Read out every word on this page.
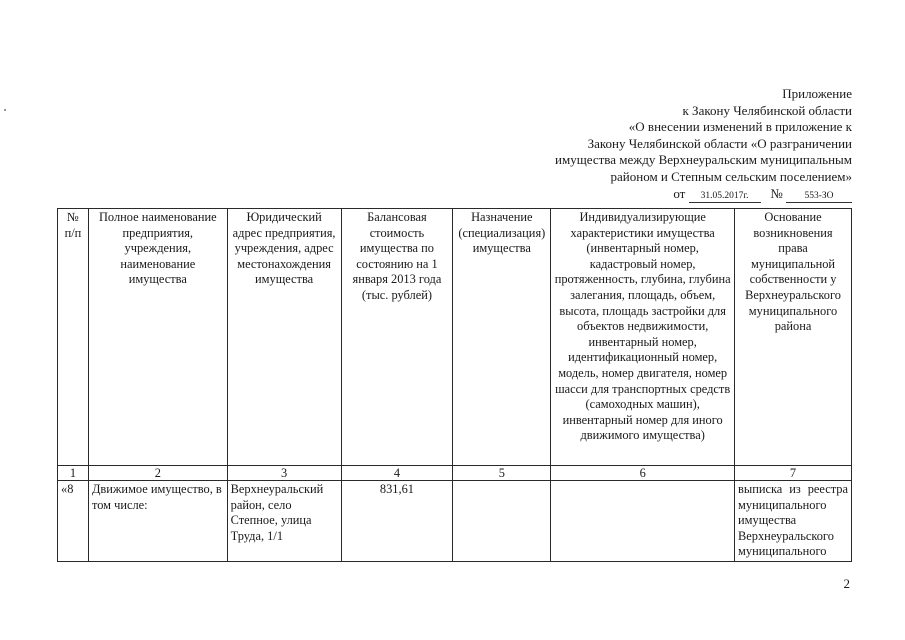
Приложение
к Закону Челябинской области
«О внесении изменений в приложение к
Закону Челябинской области «О разграничении
имущества между Верхнеуральским муниципальным
районом и Степным сельским поселением»
от 31.05.2017г. № 553-ЗО
№ п/п	Полное наименование предприятия, учреждения, наименование имущества	Юридический адрес предприятия, учреждения, адрес местонахождения имущества	Балансовая стоимость имущества по состоянию на 1 января 2013 года (тыс. рублей)	Назначение (специализация) имущества	Индивидуализирующие характеристики имущества (инвентарный номер, кадастровый номер, протяженность, глубина, глубина залегания, площадь, объем, высота, площадь застройки для объектов недвижимости, инвентарный номер, идентификационный номер, модель, номер двигателя, номер шасси для транспортных средств (самоходных машин), инвентарный номер для иного движимого имущества)	Основание возникновения права муниципальной собственности у Верхнеуральского муниципального района
1	2	3	4	5	6	7
«8	Движимое имущество, в том числе:	Верхнеуральский район, село Степное, улица Труда, 1/1	831,61			выписка из реестра муниципального имущества Верхнеуральского муниципального
2
